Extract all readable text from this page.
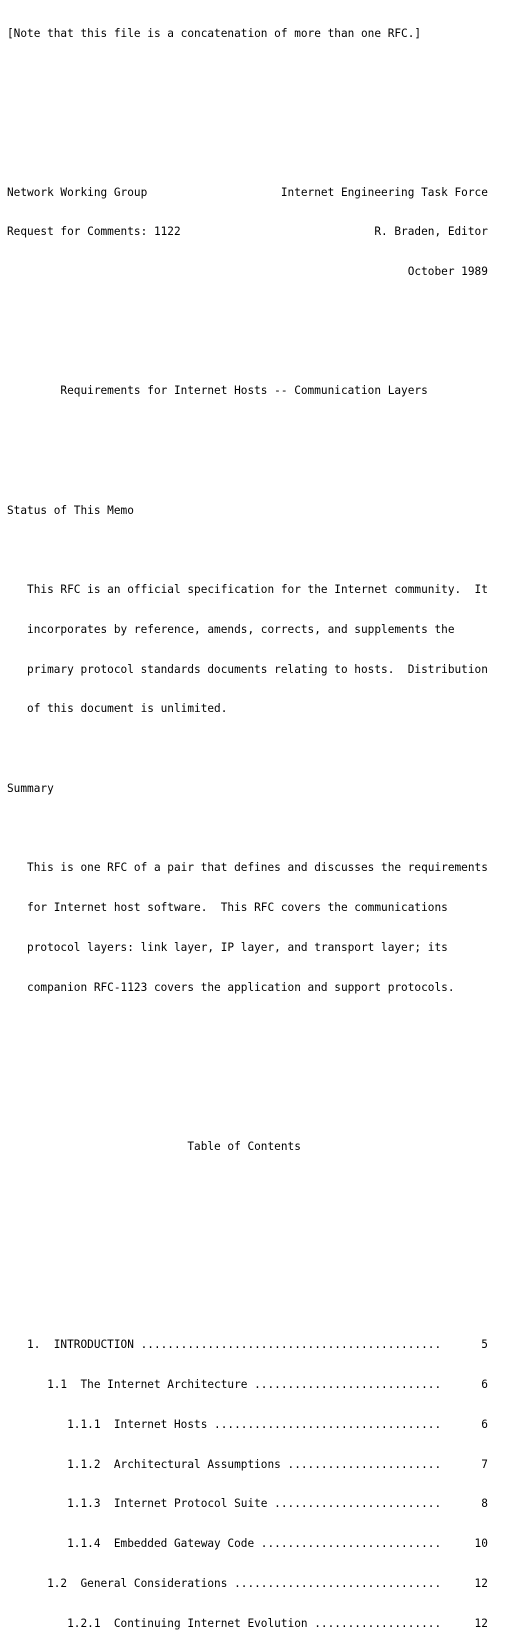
[Note that this file is a concatenation of more than one RFC.]

Network Working Group                    Internet Engineering Task Force

Request for Comments: 1122                             R. Braden, Editor

October 1989

Requirements for Internet Hosts -- Communication Layers

Status of This Memo

This RFC is an official specification for the Internet community.  It

incorporates by reference, amends, corrects, and supplements the

primary protocol standards documents relating to hosts.  Distribution

of this document is unlimited.

Summary

This is one RFC of a pair that defines and discusses the requirements

for Internet host software.  This RFC covers the communications

protocol layers: link layer, IP layer, and transport layer; its

companion RFC-1123 covers the application and support protocols.

Table of Contents

1.  INTRODUCTION .............................................      5

1.1  The Internet Architecture ............................      6

1.1.1  Internet Hosts ..................................      6

1.1.2  Architectural Assumptions .......................      7

1.1.3  Internet Protocol Suite .........................      8

1.1.4  Embedded Gateway Code ...........................     10

1.2  General Considerations ...............................     12

1.2.1  Continuing Internet Evolution ...................     12
